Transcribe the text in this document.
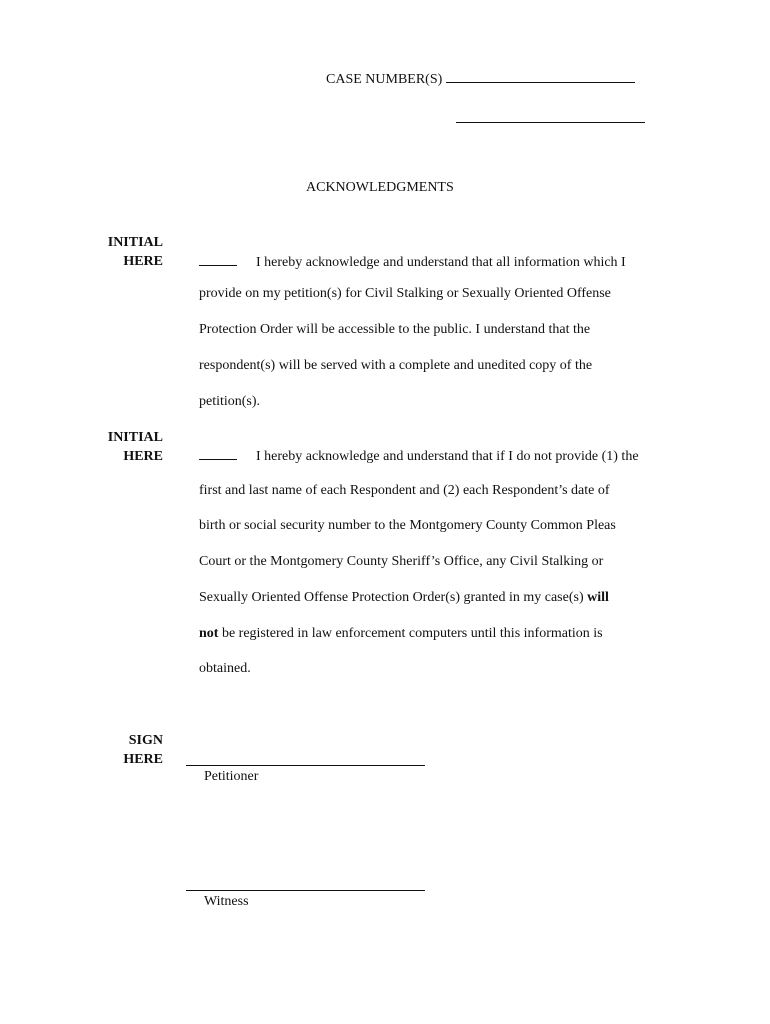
CASE NUMBER(S)
ACKNOWLEDGMENTS
INITIAL
HERE	I hereby acknowledge and understand that all information which I
provide on my petition(s) for Civil Stalking or Sexually Oriented Offense
Protection Order will be accessible to the public. I understand that the
respondent(s) will be served with a complete and unedited copy of the
petition(s).
INITIAL
HERE	I hereby acknowledge and understand that if I do not provide (1) the
first and last name of each Respondent and (2) each Respondent’s date of
birth or social security number to the Montgomery County Common Pleas
Court or the Montgomery County Sheriff’s Office, any Civil Stalking or
Sexually Oriented Offense Protection Order(s) granted in my case(s) will
not be registered in law enforcement computers until this information is
obtained.
SIGN
HERE
Petitioner
Witness
